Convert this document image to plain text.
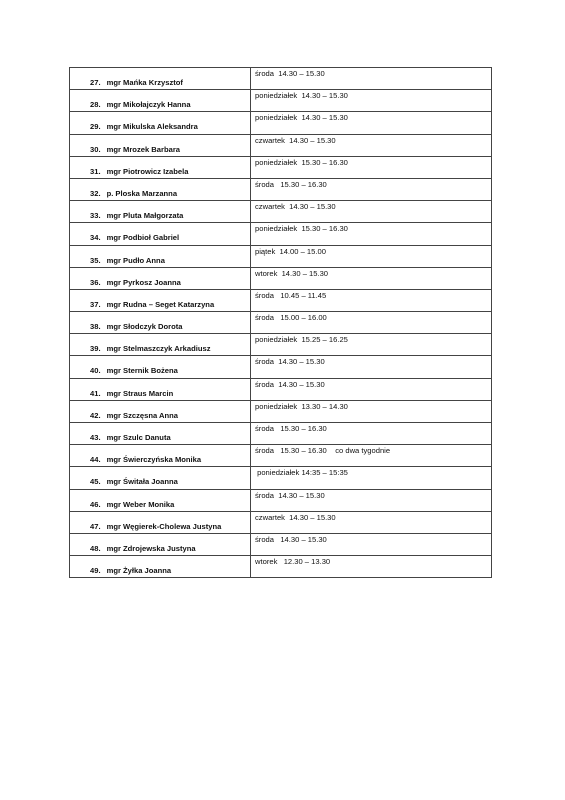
27. mgr Mańka Krzysztof	środa  14.30 – 15.30

28. mgr Mikołajczyk Hanna	poniedziałek  14.30 – 15.30

29. mgr Mikulska Aleksandra	poniedziałek  14.30 – 15.30

30. mgr Mrozek Barbara	czwartek  14.30 – 15.30

31. mgr Piotrowicz Izabela	poniedziałek  15.30 – 16.30

32. p. Ploska Marzanna	środa   15.30 – 16.30

33. mgr Pluta Małgorzata	czwartek  14.30 – 15.30

34. mgr Podbioł Gabriel	poniedziałek  15.30 – 16.30

35. mgr Pudło Anna	piątek  14.00 – 15.00

36. mgr Pyrkosz Joanna	wtorek  14.30 – 15.30

37. mgr Rudna – Seget Katarzyna	środa   10.45 – 11.45

38. mgr Słodczyk Dorota	środa   15.00 – 16.00

39. mgr Stelmaszczyk Arkadiusz	poniedziałek  15.25 – 16.25

40. mgr Sternik Bożena	środa  14.30 – 15.30

41. mgr Straus Marcin	środa  14.30 – 15.30

42. mgr Szczęsna Anna	poniedziałek  13.30 – 14.30

43. mgr Szulc Danuta	środa   15.30 – 16.30

44. mgr Świerczyńska Monika	środa   15.30 – 16.30    co dwa tygodnie

45. mgr Świtała Joanna	poniedziałek 14:35 – 15:35

46. mgr Weber Monika	środa  14.30 – 15.30

47. mgr Węgierek-Cholewa Justyna	czwartek  14.30 – 15.30

48. mgr Zdrojewska Justyna	środa   14.30 – 15.30

49. mgr Żyłka Joanna	wtorek   12.30 – 13.30
